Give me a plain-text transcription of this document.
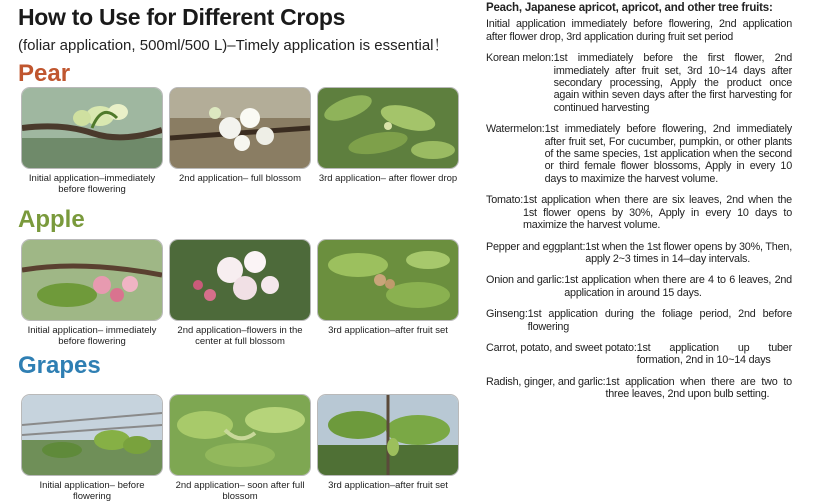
How to Use for Different Crops
(foliar application, 500ml/500 L)–Timely application is essential！
Pear
Initial application–immediately before flowering
2nd application– full blossom	3rd application– after flower drop
Apple
Initial application– immediately before flowering
2nd application–flowers in the center at full blossom
3rd application–after fruit set
Grapes
Initial application– before flowering
2nd application– soon after full blossom
3rd application–after fruit set
Peach, Japanese apricot, apricot, and other tree fruits:
Initial application immediately before flowering, 2nd application after flower drop, 3rd application during fruit set period
Korean melon: 1st immediately before the first flower, 2nd immediately after fruit set, 3rd 10~14 days after secondary processing, Apply the product once again within seven days after the first harvesting for continued harvesting
Watermelon: 1st immediately before flowering, 2nd immediately after fruit set, For cucumber, pumpkin, or other plants of the same species, 1st application when the second or third female flower blossoms, Apply in every 10 days to maximize the harvest volume.
Tomato: 1st application when there are six leaves, 2nd when the 1st flower opens by 30%, Apply in every 10 days to maximize the harvest volume.
Pepper and eggplant: 1st when the 1st flower opens by 30%, Then, apply 2~3 times in 14–day intervals.
Onion and garlic: 1st application when there are 4 to 6 leaves, 2nd application in around 15 days.
Ginseng: 1st application during the foliage period, 2nd before flowering
Carrot, potato, and sweet potato: 1st application up tuber formation, 2nd in 10~14 days
Radish, ginger, and garlic: 1st application when there are two to three leaves, 2nd upon bulb setting.
